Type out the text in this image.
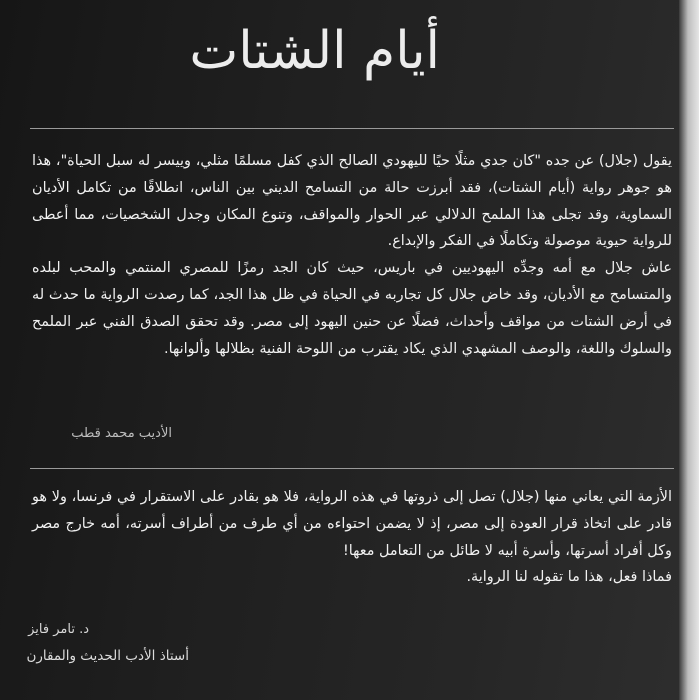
أيام الشتات

يقول (جلال) عن جده "كان جدي مثلًا حيًا لليهودي الصالح الذي كفل مسلمًا مثلي، وييسر له سبل الحياة"، هذا هو جوهر رواية (أيام الشتات)، فقد أبرزت حالة من التسامح الديني بين الناس، انطلاقًا من تكامل الأديان السماوية، وقد تجلى هذا الملمح الدلالي عبر الحوار والمواقف، وتنوع المكان وجدل الشخصيات، مما أعطى للرواية حيوية موصولة وتكاملًا في الفكر والإبداع.

عاش جلال مع أمه وجدِّه اليهوديين في باريس، حيث كان الجد رمزًا للمصري المنتمي والمحب لبلده والمتسامح مع الأديان، وقد خاض جلال كل تجاربه في الحياة في ظل هذا الجد، كما رصدت الرواية ما حدث له في أرض الشتات من مواقف وأحداث، فضلًا عن حنين اليهود إلى مصر. وقد تحقق الصدق الفني عبر الملمح والسلوك واللغة، والوصف المشهدي الذي يكاد يقترب من اللوحة الفنية بظلالها وألوانها.

الأديب محمد قطب

الأزمة التي يعاني منها (جلال) تصل إلى ذروتها في هذه الرواية، فلا هو بقادر على الاستقرار في فرنسا، ولا هو قادر على اتخاذ قرار العودة إلى مصر، إذ لا يضمن احتواءه من أي طرف من أطراف أسرته، أمه خارج مصر وكل أفراد أسرتها، وأسرة أبيه لا طائل من التعامل معها!

فماذا فعل، هذا ما تقوله لنا الرواية.

د. تامر فايز
أستاذ الأدب الحديث والمقارن
